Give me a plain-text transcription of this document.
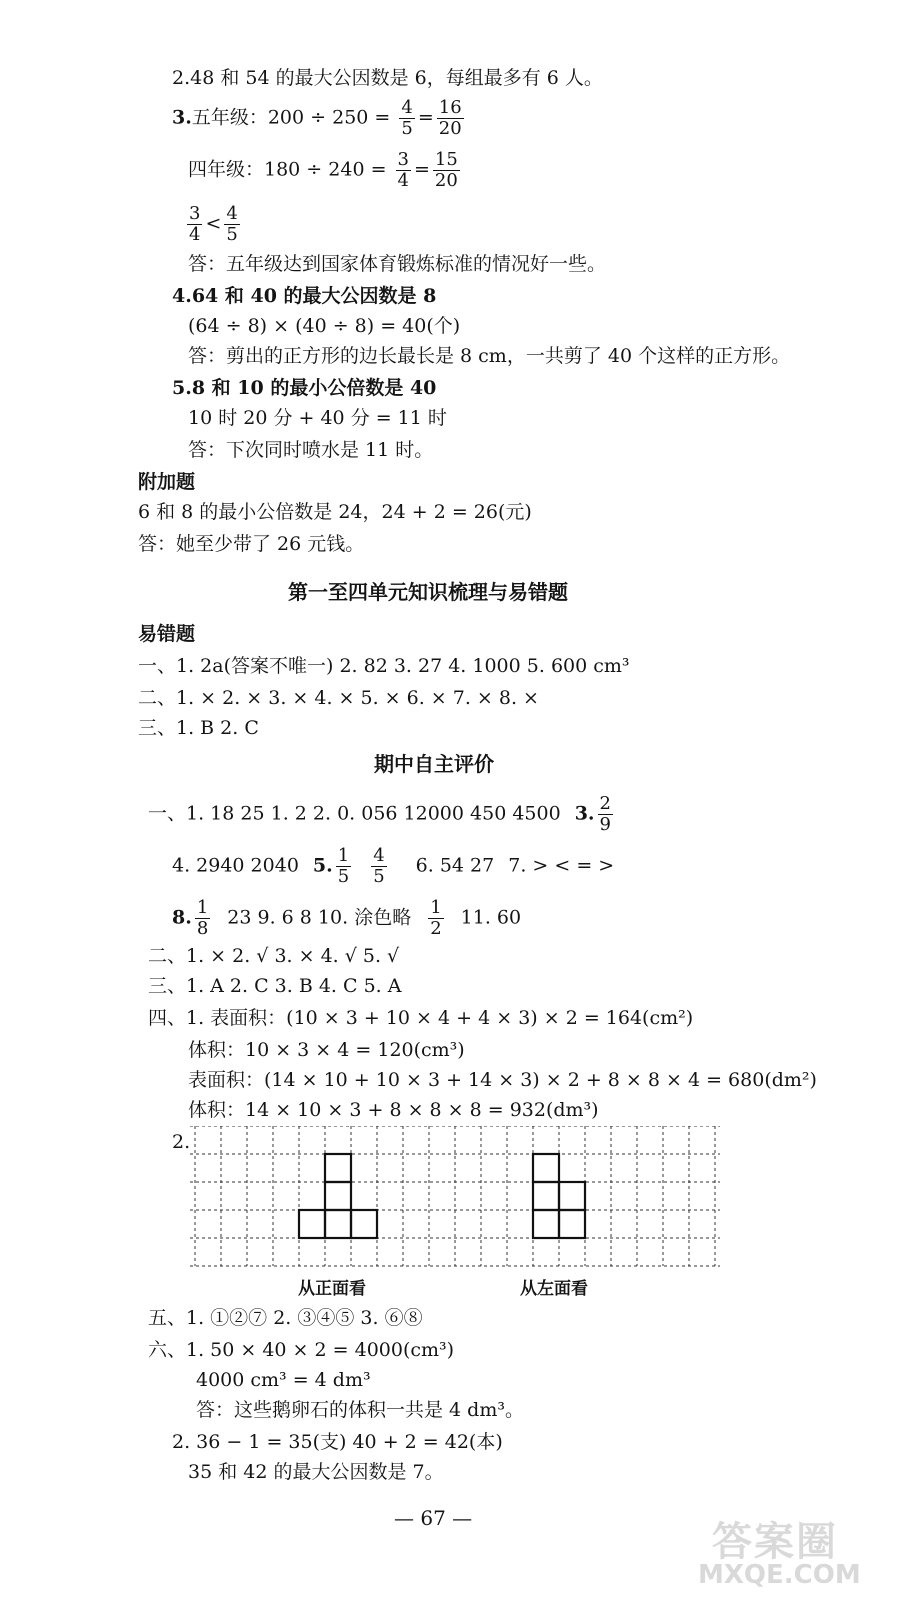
2.48 和 54 的最大公因数是 6，每组最多有 6 人。
3.五年级：$200 \div 250 = \frac{4}{5} = \frac{16}{20}$
四年级：$180 \div 240 = \frac{3}{4} = \frac{15}{20}$
$\frac{3}{4} < \frac{4}{5}$
答：五年级达到国家体育锻炼标准的情况好一些。
4.64 和 40 的最大公因数是 8
(64 ÷ 8) × (40 ÷ 8) = 40(个)
答：剪出的正方形的边长最长是 8 cm，一共剪了 40 个这样的正方形。
5.8 和 10 的最小公倍数是 40
10 时 20 分 + 40 分 = 11 时
答：下次同时喷水是 11 时。
附加题
6 和 8 的最小公倍数是 24，24 + 2 = 26(元)
答：她至少带了 26 元钱。
第一至四单元知识梳理与易错题
易错题
一、1. 2a(答案不唯一) 2. 82 3. 27 4. 1000 5. 600 cm³
二、1. × 2. × 3. × 4. × 5. × 6. × 7. × 8. ×
三、1. B 2. C
期中自主评价
一、1. 18 25 1. 2 2. 0. 056 12000 450 4500 3. $\frac{2}{9}$
4. 2940 2040 5. $\frac{1}{5} \frac{4}{5} 6$. 54 27 7. > < = >
8. $\frac{1}{8} 23$ 9. 6 8 10. 涂色略 $\frac{1}{2} 11$. 60
二、1. × 2. √ 3. × 4. √ 5. √
三、1. A 2. C 3. B 4. C 5. A
四、1. 表面积：(10 × 3 + 10 × 4 + 4 × 3) × 2 = 164(cm²)
体积：10 × 3 × 4 = 120(cm³)
表面积：(14 × 10 + 10 × 3 + 14 × 3) × 2 + 8 × 8 × 4 = 680(dm²)
体积：14 × 10 × 3 + 8 × 8 × 8 = 932(dm³)
2.
从正面看	从左面看
五、1. ①②⑦ 2. ③④⑤ 3. ⑥⑧
六、1. 50 × 40 × 2 = 4000(cm³)
4000 cm³ = 4 dm³
答：这些鹅卵石的体积一共是 4 dm³。
2. 36 − 1 = 35(支) 40 + 2 = 42(本)
35 和 42 的最大公因数是 7。
— 67 —
答案圈
MXQE.COM
